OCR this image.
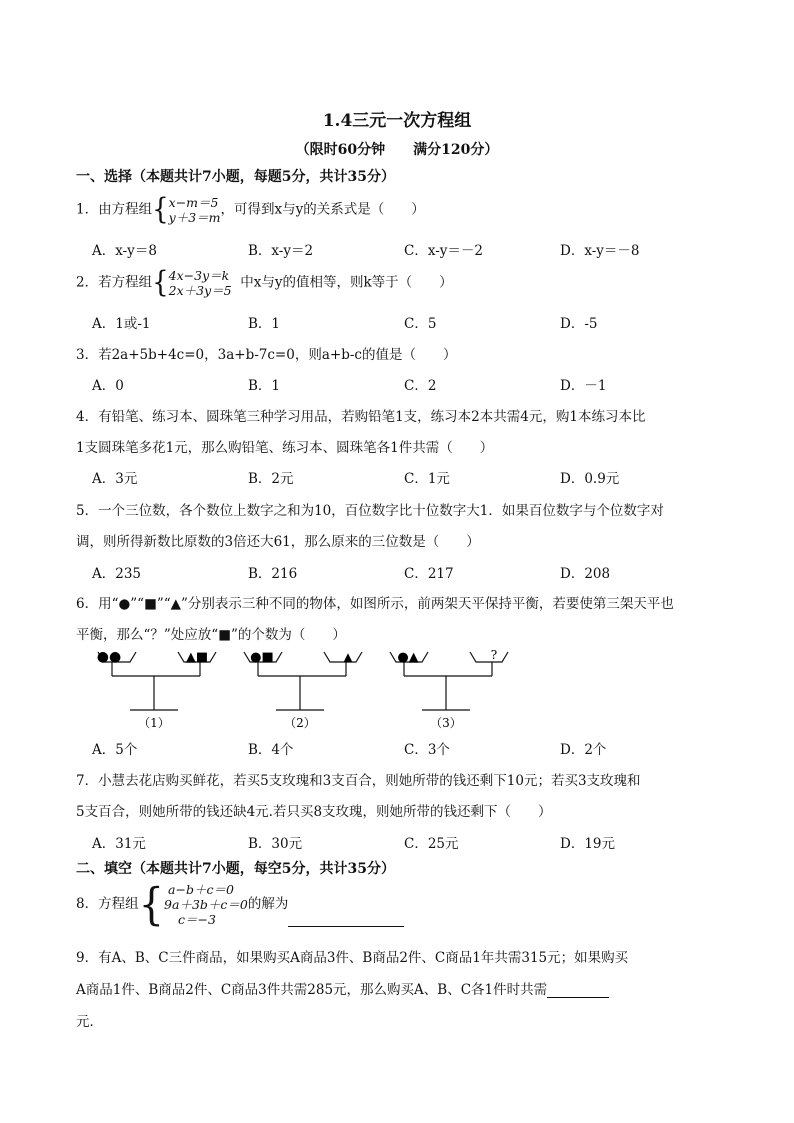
1.4三元一次方程组
（限时60分钟　　满分120分）
一、选择（本题共计7小题，每题5分，共计35分）
1．由方程组{ x−m＝5
y＋3＝m ，可得到x与y的关系式是（　　）
A．x-y＝8	B．x-y＝2	C．x-y＝－2	D．x-y＝－8
2．若方程组{ 4x−3y＝k
2x＋3y＝5 中x与y的值相等，则k等于（　　）
A．1或-1	B．1	C．5	D．-5
3．若2a+5b+4c=0，3a+b-7c=0，则a+b-c的值是（　　）
A．0	B．1	C．2	D．－1
4．有铅笔、练习本、圆珠笔三种学习用品，若购铅笔1支，练习本2本共需4元，购1本练习本比
1支圆珠笔多花1元，那么购铅笔、练习本、圆珠笔各1件共需（　　）
A．3元	B．2元	C．1元	D．0.9元
5．一个三位数，各个数位上数字之和为10，百位数字比十位数字大1．如果百位数字与个位数字对
调，则所得新数比原数的3倍还大61，那么原来的三位数是（　　）
A．235	B．216	C．217	D．208
6．用“●”“■”“▲”分别表示三种不同的物体，如图所示，前两架天平保持平衡，若要使第三架天平也
平衡，那么“？”处应放“■”的个数为（　　）
●●	▲■
（1）
●■	▲
（2）
●▲	?
（3）
A．5个	B．4个	C．3个	D．2个
7．小慧去花店购买鲜花，若买5支玫瑰和3支百合，则她所带的钱还剩下10元；若买3支玫瑰和
5支百合，则她所带的钱还缺4元.若只买8支玫瑰，则她所带的钱还剩下（　　）
A．31元	B．30元	C．25元	D．19元
二、填空（本题共计7小题，每空5分，共计35分）
8．方程组{ a−b＋c＝0
9a＋3b＋c＝0
c＝−3
的解为
9．有A、B、C三件商品，如果购买A商品3件、B商品2件、C商品1年共需315元；如果购买
A商品1件、B商品2件、C商品3件共需285元，那么购买A、B、C各1件时共需
元．
